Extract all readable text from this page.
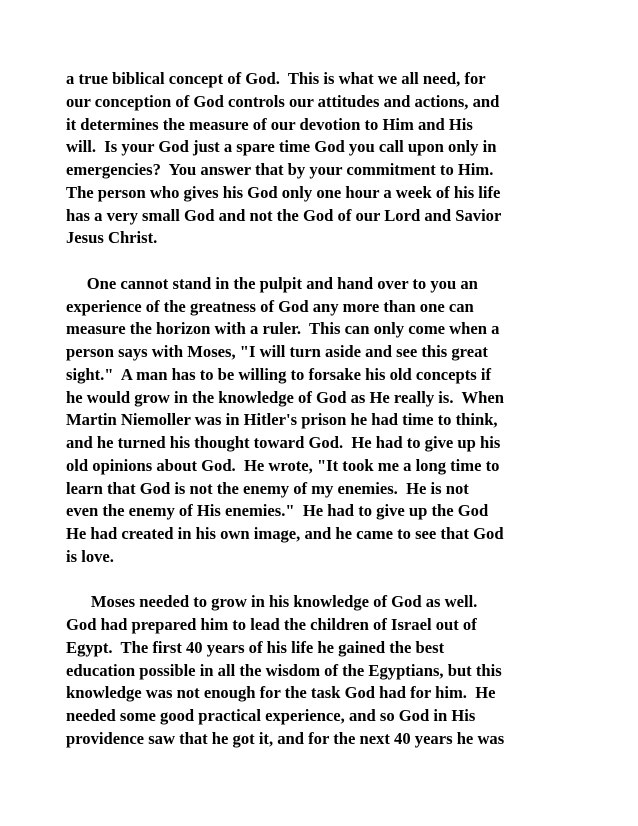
a true biblical concept of God.  This is what we all need, for
our conception of God controls our attitudes and actions, and
it determines the measure of our devotion to Him and His
will.  Is your God just a spare time God you call upon only in
emergencies?  You answer that by your commitment to Him.
The person who gives his God only one hour a week of his life
has a very small God and not the God of our Lord and Savior
Jesus Christ.
One cannot stand in the pulpit and hand over to you an
experience of the greatness of God any more than one can
measure the horizon with a ruler.  This can only come when a
person says with Moses, "I will turn aside and see this great
sight."  A man has to be willing to forsake his old concepts if
he would grow in the knowledge of God as He really is.  When
Martin Niemoller was in Hitler's prison he had time to think,
and he turned his thought toward God.  He had to give up his
old opinions about God.  He wrote, "It took me a long time to
learn that God is not the enemy of my enemies.  He is not
even the enemy of His enemies."  He had to give up the God
He had created in his own image, and he came to see that God
is love.
Moses needed to grow in his knowledge of God as well.
God had prepared him to lead the children of Israel out of
Egypt.  The first 40 years of his life he gained the best
education possible in all the wisdom of the Egyptians, but this
knowledge was not enough for the task God had for him.  He
needed some good practical experience, and so God in His
providence saw that he got it, and for the next 40 years he was
